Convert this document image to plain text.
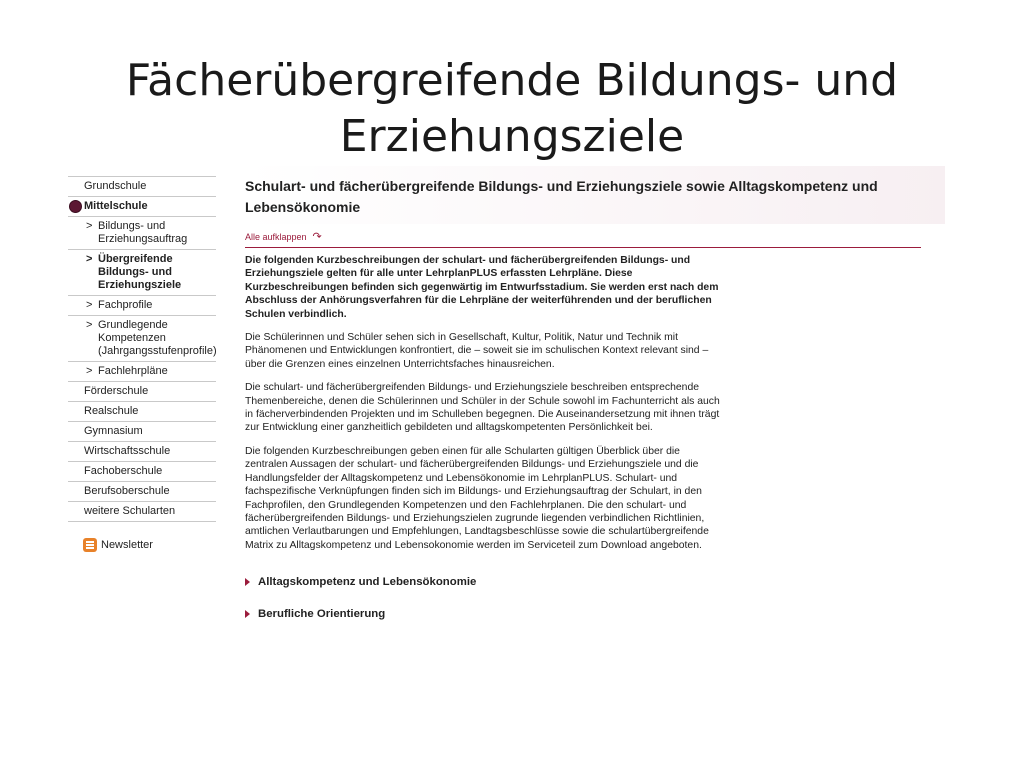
Fächerübergreifende Bildungs- und
Erziehungsziele
Grundschule
Mittelschule
> Bildungs- und Erziehungsauftrag
> Übergreifende Bildungs- und Erziehungsziele
> Fachprofile
> Grundlegende Kompetenzen (Jahrgangsstufenprofile)
> Fachlehrpläne
Förderschule
Realschule
Gymnasium
Wirtschaftsschule
Fachoberschule
Berufsoberschule
weitere Schularten
Newsletter
Schulart- und fächerübergreifende Bildungs- und Erziehungsziele sowie Alltagskompetenz und Lebensökonomie
Alle aufklappen ↷

Die folgenden Kurzbeschreibungen der schulart- und fächerübergreifenden Bildungs- und Erziehungsziele gelten für alle unter LehrplanPLUS erfassten Lehrpläne. Diese Kurzbeschreibungen befinden sich gegenwärtig im Entwurfsstadium. Sie werden erst nach dem Abschluss der Anhörungsverfahren für die Lehrpläne der weiterführenden und der beruflichen Schulen verbindlich.

Die Schülerinnen und Schüler sehen sich in Gesellschaft, Kultur, Politik, Natur und Technik mit Phänomenen und Entwicklungen konfrontiert, die – soweit sie im schulischen Kontext relevant sind – über die Grenzen eines einzelnen Unterrichtsfaches hinausreichen.

Die schulart- und fächerübergreifenden Bildungs- und Erziehungsziele beschreiben entsprechende Themenbereiche, denen die Schülerinnen und Schüler in der Schule sowohl im Fachunterricht als auch in fächerverbindenden Projekten und im Schulleben begegnen. Die Auseinandersetzung mit ihnen trägt zur Entwicklung einer ganzheitlich gebildeten und alltagskompetenten Persönlichkeit bei.

Die folgenden Kurzbeschreibungen geben einen für alle Schularten gültigen Überblick über die zentralen Aussagen der schulart- und fächerübergreifenden Bildungs- und Erziehungsziele und die Handlungsfelder der Alltagskompetenz und Lebensökonomie im LehrplanPLUS. Schulart- und fachspezifische Verknüpfungen finden sich im Bildungs- und Erziehungsauftrag der Schulart, in den Fachprofilen, den Grundlegenden Kompetenzen und den Fachlehrplanen. Die den schulart- und fächerübergreifenden Bildungs- und Erziehungszielen zugrunde liegenden verbindlichen Richtlinien, amtlichen Verlautbarungen und Empfehlungen, Landtagsbeschlüsse sowie die schulartübergreifende Matrix zu Alltagskompetenz und Lebensokonomie werden im Serviceteil zum Download angeboten.

Alltagskompetenz und Lebensökonomie
Berufliche Orientierung
